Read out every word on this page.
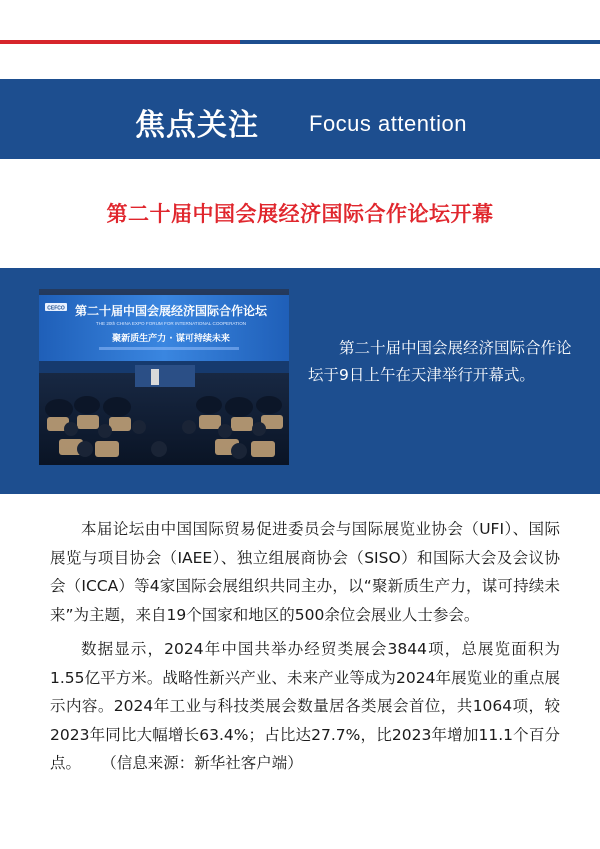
焦点关注 Focus attention
第二十届中国会展经济国际合作论坛开幕
CEFCO 第二十届中国会展经济国际合作论坛
THE 20th CHINA EXPO FORUM FOR INTERNATIONAL COOPERATION
聚新质生产力 · 谋可持续未来	第二十届中国会展经济国际合作论坛于9日上午在天津举行开幕式。

本届论坛由中国国际贸易促进委员会与国际展览业协会（UFI）、国际展览与项目协会（IAEE）、独立组展商协会（SISO）和国际大会及会议协会（ICCA）等4家国际会展组织共同主办，以“聚新质生产力，谋可持续未来”为主题，来自19个国家和地区的500余位会展业人士参会。

数据显示，2024年中国共举办经贸类展会3844项，总展览面积为1.55亿平方米。战略性新兴产业、未来产业等成为2024年展览业的重点展示内容。2024年工业与科技类展会数量居各类展会首位，共1064项，较2023年同比大幅增长63.4%；占比达27.7%，比2023年增加11.1个百分点。 （信息来源：新华社客户端）
